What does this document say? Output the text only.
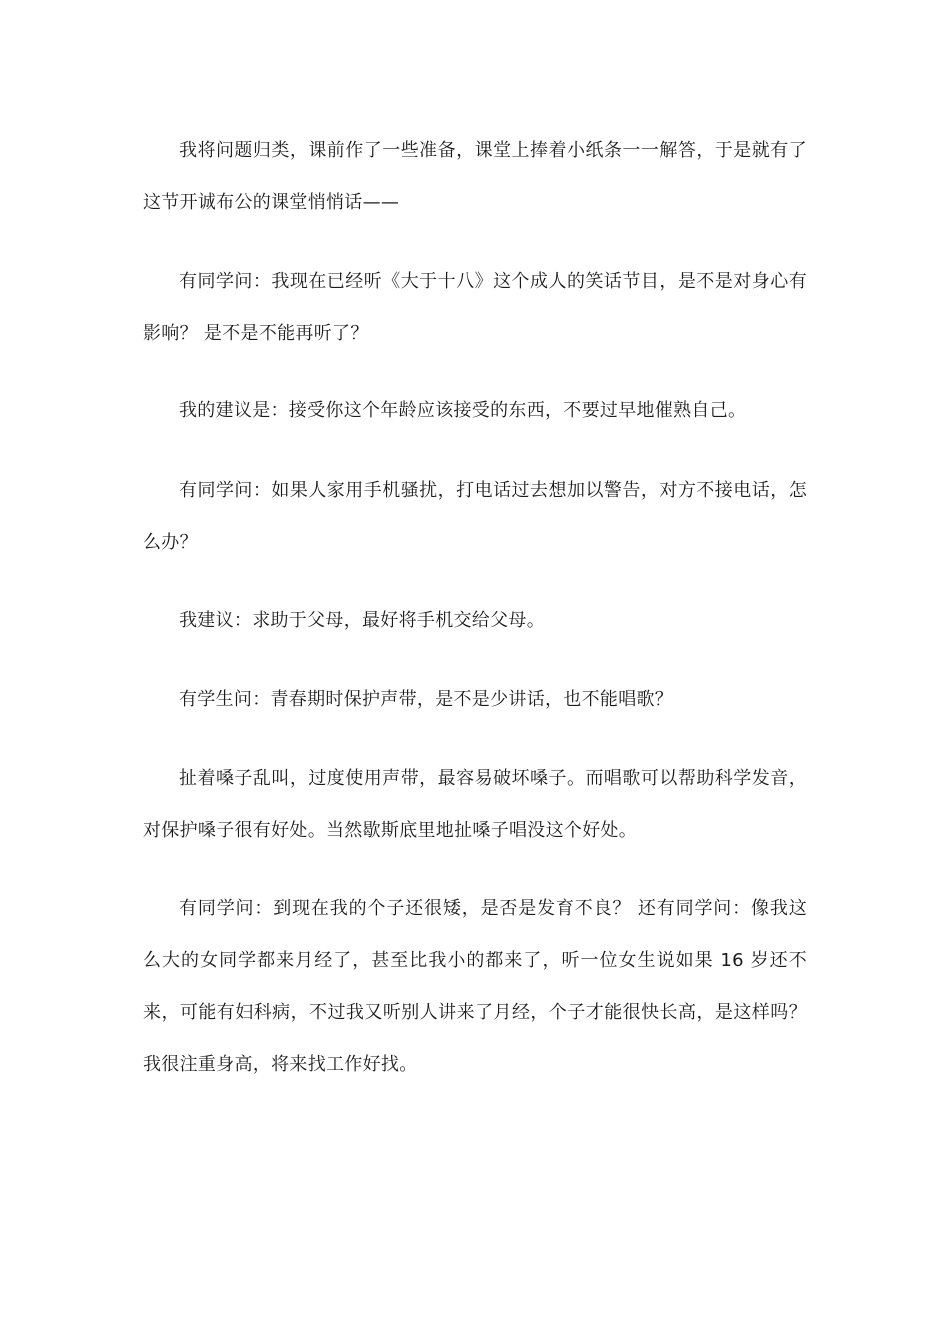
我将问题归类，课前作了一些准备，课堂上捧着小纸条一一解答，于是就有了这节开诚布公的课堂悄悄话——

有同学问：我现在已经听《大于十八》这个成人的笑话节目，是不是对身心有影响？ 是不是不能再听了？

我的建议是：接受你这个年龄应该接受的东西，不要过早地催熟自己。

有同学问：如果人家用手机骚扰，打电话过去想加以警告，对方不接电话，怎么办？

我建议：求助于父母，最好将手机交给父母。

有学生问：青春期时保护声带，是不是少讲话，也不能唱歌？

扯着嗓子乱叫，过度使用声带，最容易破坏嗓子。而唱歌可以帮助科学发音，对保护嗓子很有好处。当然歇斯底里地扯嗓子唱没这个好处。

有同学问：到现在我的个子还很矮，是否是发育不良？ 还有同学问：像我这么大的女同学都来月经了，甚至比我小的都来了，听一位女生说如果 16 岁还不来，可能有妇科病，不过我又听别人讲来了月经，个子才能很快长高，是这样吗？我很注重身高，将来找工作好找。
